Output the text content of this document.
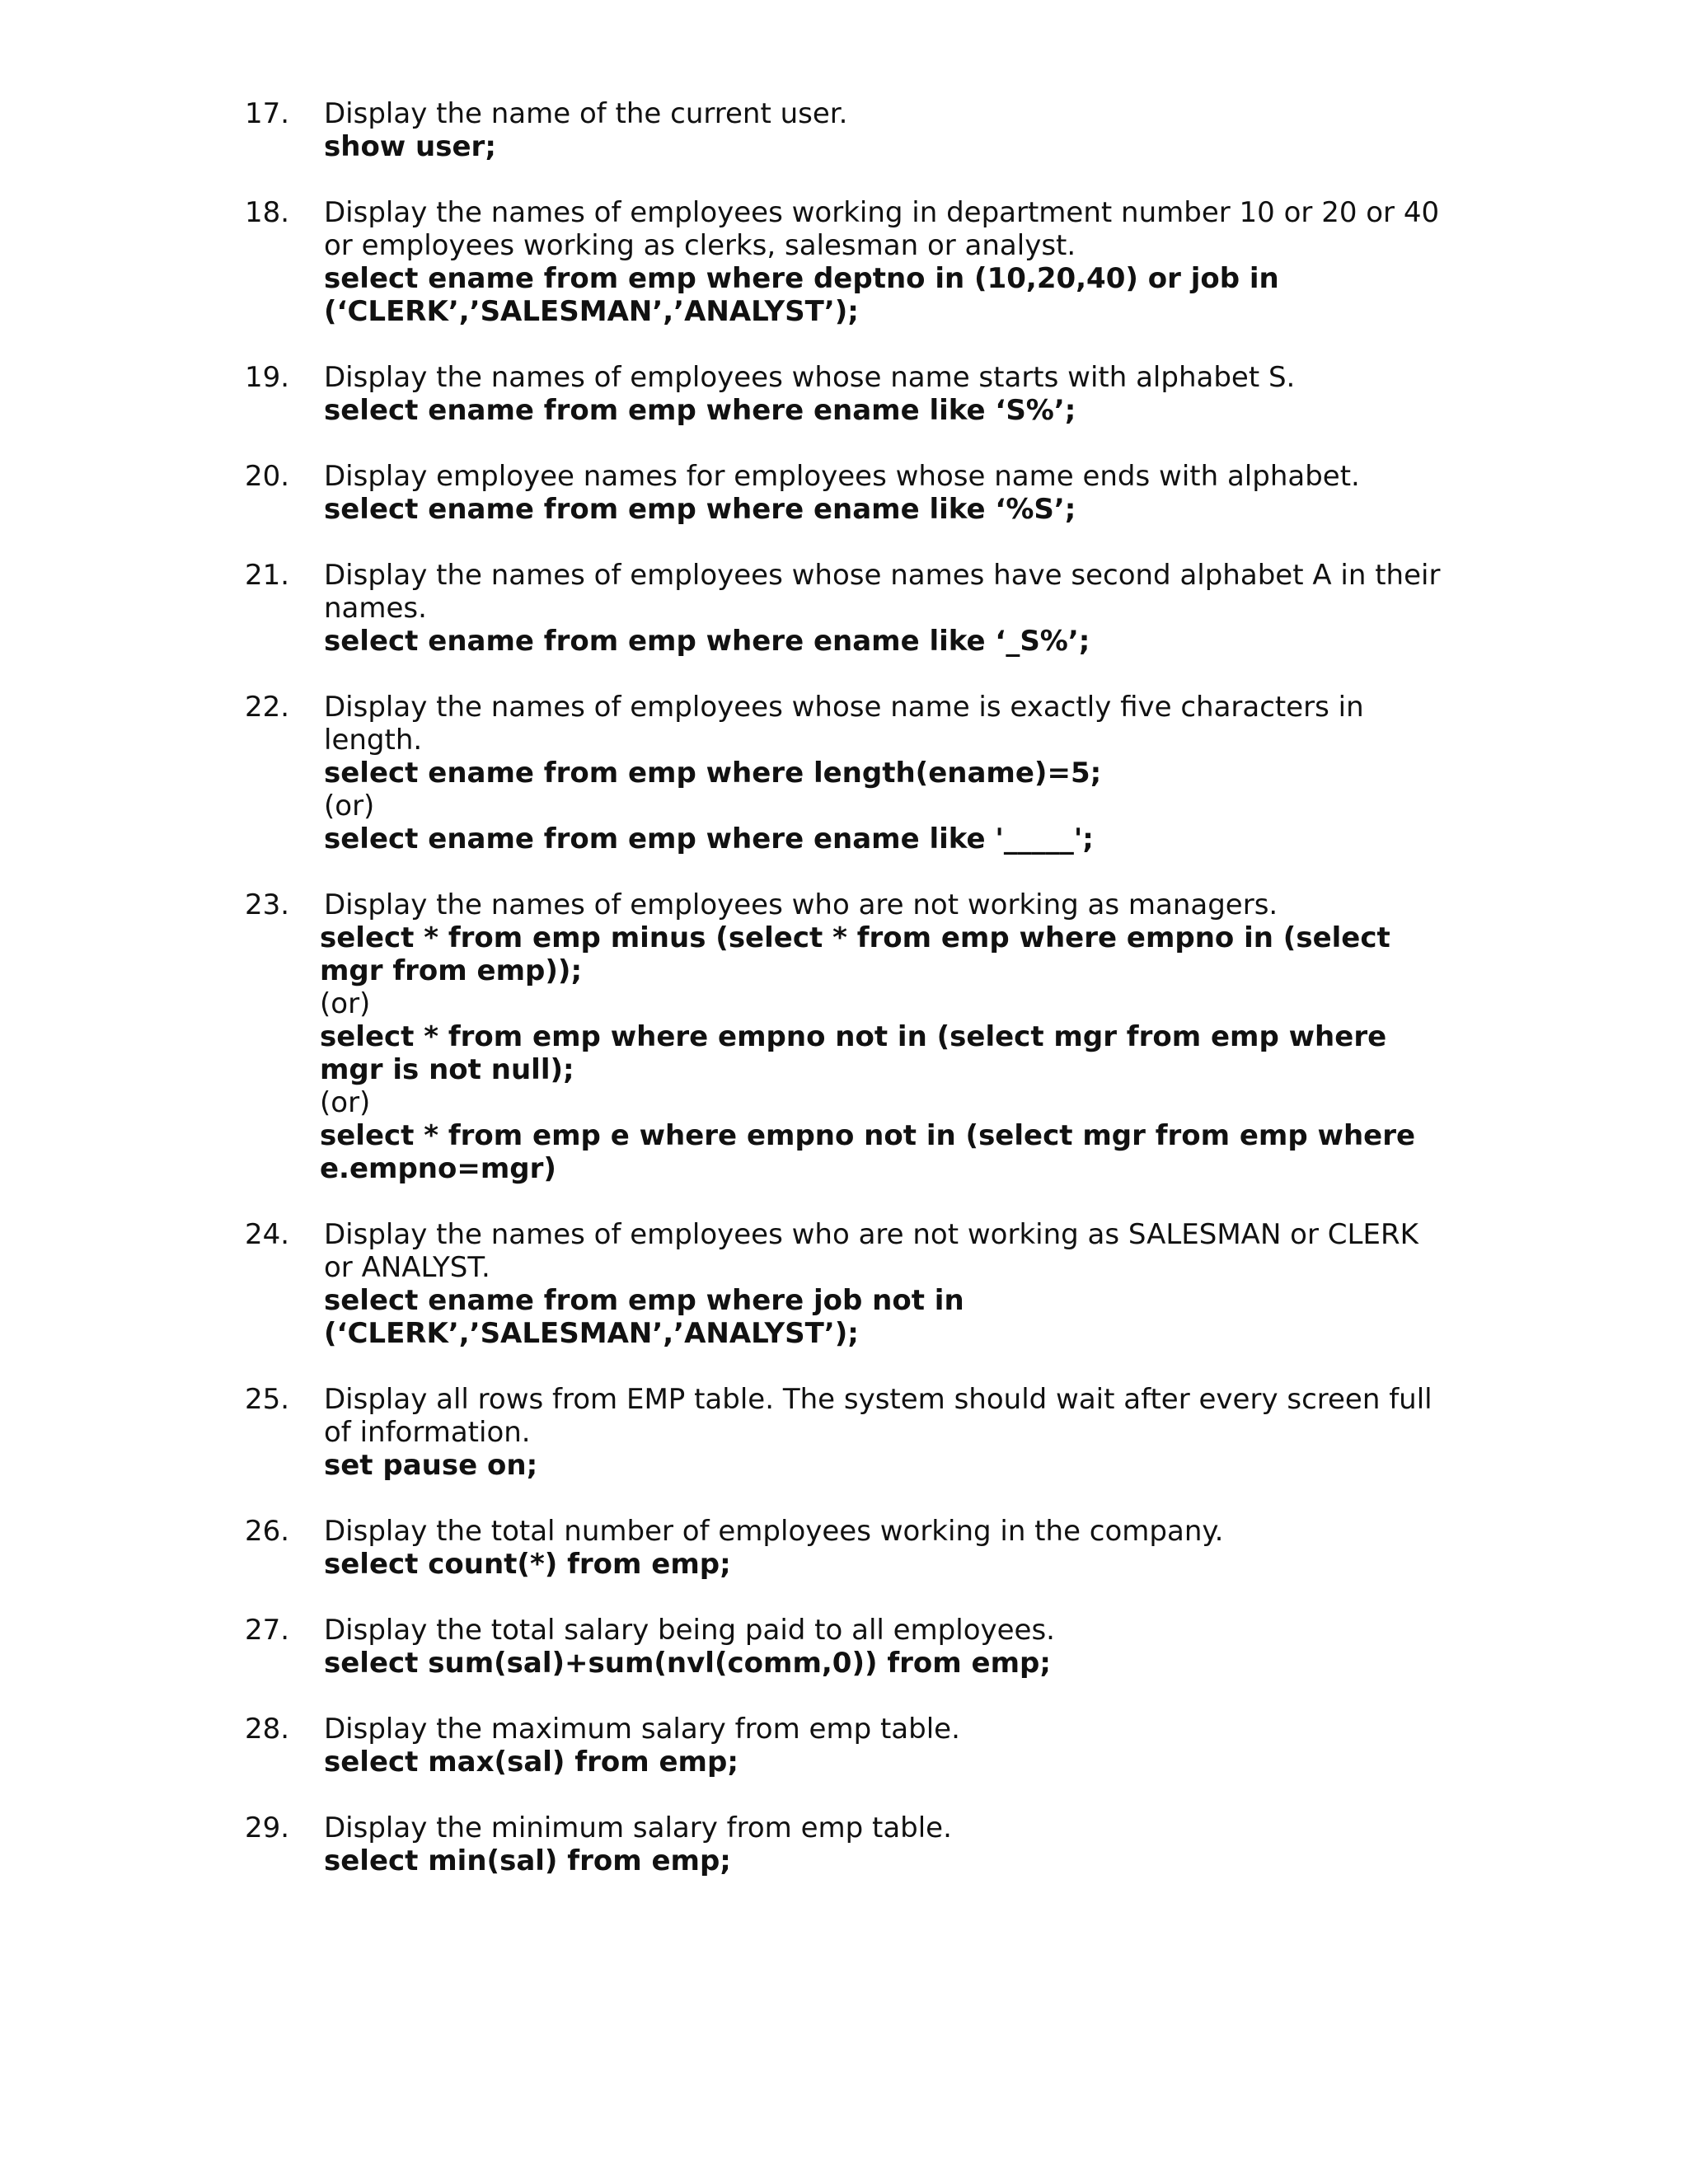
17.	Display the name of the current user.
show user;
18.	Display the names of employees working in department number 10 or 20 or 40 or employees working as clerks, salesman or analyst.
select ename from emp where deptno in (10,20,40) or job in
(‘CLERK’,’SALESMAN’,’ANALYST’);
19.	Display the names of employees whose name starts with alphabet S.
select ename from emp where ename like ‘S%’;
20.	Display employee names for employees whose name ends with alphabet.
select ename from emp where ename like ‘%S’;
21.	Display the names of employees whose names have second alphabet A in their names.
select ename from emp where ename like ‘_S%’;
22.	Display the names of employees whose name is exactly five characters in length.
select ename from emp where length(ename)=5;
(or)
select ename from emp where ename like '_____';
23.	Display the names of employees who are not working as managers.
select * from emp minus (select * from emp where empno in (select
mgr from emp));
(or)
select * from emp where empno not in (select mgr from emp where
mgr is not null);
(or)
select * from emp e where empno not in (select mgr from emp where
e.empno=mgr)
24.	Display the names of employees who are not working as SALESMAN or CLERK or ANALYST.
select ename from emp where job not in
(‘CLERK’,’SALESMAN’,’ANALYST’);
25.	Display all rows from EMP table. The system should wait after every screen full of information.
set pause on;
26.	Display the total number of employees working in the company.
select count(*) from emp;
27.	Display the total salary being paid to all employees.
select sum(sal)+sum(nvl(comm,0)) from emp;
28.	Display the maximum salary from emp table.
select max(sal) from emp;
29.	Display the minimum salary from emp table.
select min(sal) from emp;
